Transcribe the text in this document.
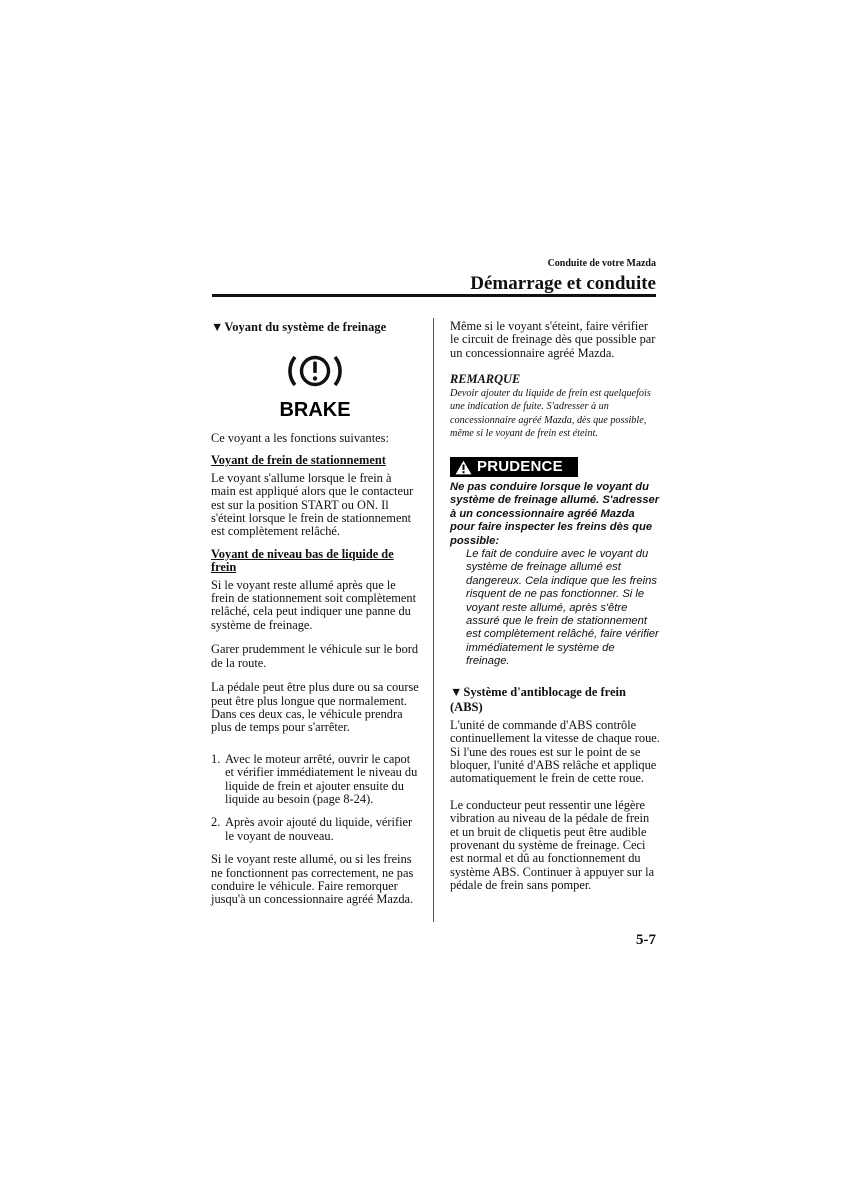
Conduite de votre Mazda
Démarrage et conduite
▼Voyant du système de freinage
BRAKE

Ce voyant a les fonctions suivantes:

Voyant de frein de stationnement

Le voyant s'allume lorsque le frein à main est appliqué alors que le contacteur est sur la position START ou ON. Il s'éteint lorsque le frein de stationnement est complètement relâché.

Voyant de niveau bas de liquide de frein

Si le voyant reste allumé après que le frein de stationnement soit complètement relâché, cela peut indiquer une panne du système de freinage.

Garer prudemment le véhicule sur le bord de la route.

La pédale peut être plus dure ou sa course peut être plus longue que normalement. Dans ces deux cas, le véhicule prendra plus de temps pour s'arrêter.

1. Avec le moteur arrêté, ouvrir le capot et vérifier immédiatement le niveau du liquide de frein et ajouter ensuite du liquide au besoin (page 8-24).
2. Après avoir ajouté du liquide, vérifier le voyant de nouveau.

Si le voyant reste allumé, ou si les freins ne fonctionnent pas correctement, ne pas conduire le véhicule. Faire remorquer jusqu'à un concessionnaire agréé Mazda.

Même si le voyant s'éteint, faire vérifier le circuit de freinage dès que possible par un concessionnaire agréé Mazda.

REMARQUE

Devoir ajouter du liquide de frein est quelquefois une indication de fuite. S'adresser à un concessionnaire agréé Mazda, dès que possible, même si le voyant de frein est éteint.

PRUDENCE

Ne pas conduire lorsque le voyant du système de freinage allumé. S'adresser à un concessionnaire agréé Mazda pour faire inspecter les freins dès que possible:

Le fait de conduire avec le voyant du système de freinage allumé est dangereux. Cela indique que les freins risquent de ne pas fonctionner. Si le voyant reste allumé, après s'être assuré que le frein de stationnement est complètement relâché, faire vérifier immédiatement le système de freinage.

▼Système d'antiblocage de frein (ABS)

L'unité de commande d'ABS contrôle continuellement la vitesse de chaque roue. Si l'une des roues est sur le point de se bloquer, l'unité d'ABS relâche et applique automatiquement le frein de cette roue.

Le conducteur peut ressentir une légère vibration au niveau de la pédale de frein et un bruit de cliquetis peut être audible provenant du système de freinage. Ceci est normal et dû au fonctionnement du système ABS. Continuer à appuyer sur la pédale de frein sans pomper.

5-7
